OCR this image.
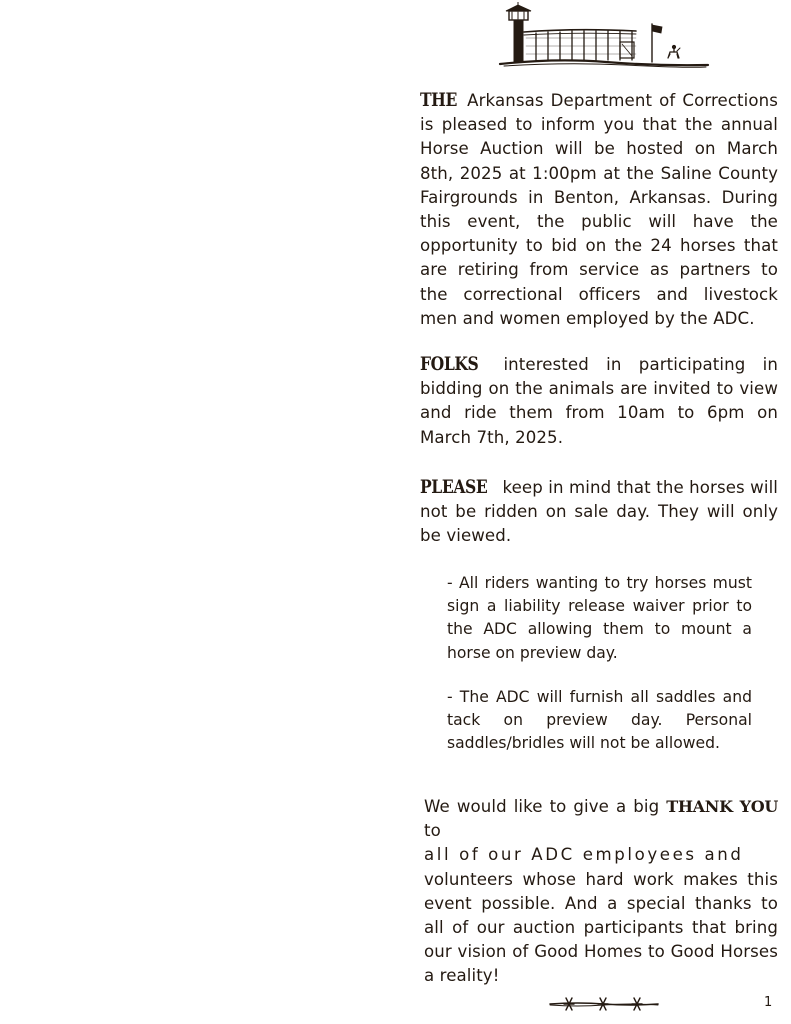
THE Arkansas Department of Corrections is pleased to inform you that the annual Horse Auction will be hosted on March 8th, 2025 at 1:00pm at the Saline County Fairgrounds in Benton, Arkansas. During this event, the public will have the opportunity to bid on the 24 horses that are retiring from service as partners to the correctional officers and livestock men and women employed by the ADC.

FOLKS interested in participating in bidding on the animals are invited to view and ride them from 10am to 6pm on March 7th, 2025.

PLEASE keep in mind that the horses will not be ridden on sale day. They will only be viewed.

- All riders wanting to try horses must sign a liability release waiver prior to the ADC allowing them to mount a horse on preview day.

- The ADC will furnish all saddles and tack on preview day. Personal saddles/bridles will not be allowed.

We would like to give a big THANK YOU to
all of our ADC employees and
volunteers whose hard work makes this event possible. And a special thanks to all of our auction participants that bring our vision of Good Homes to Good Horses a reality!
1
